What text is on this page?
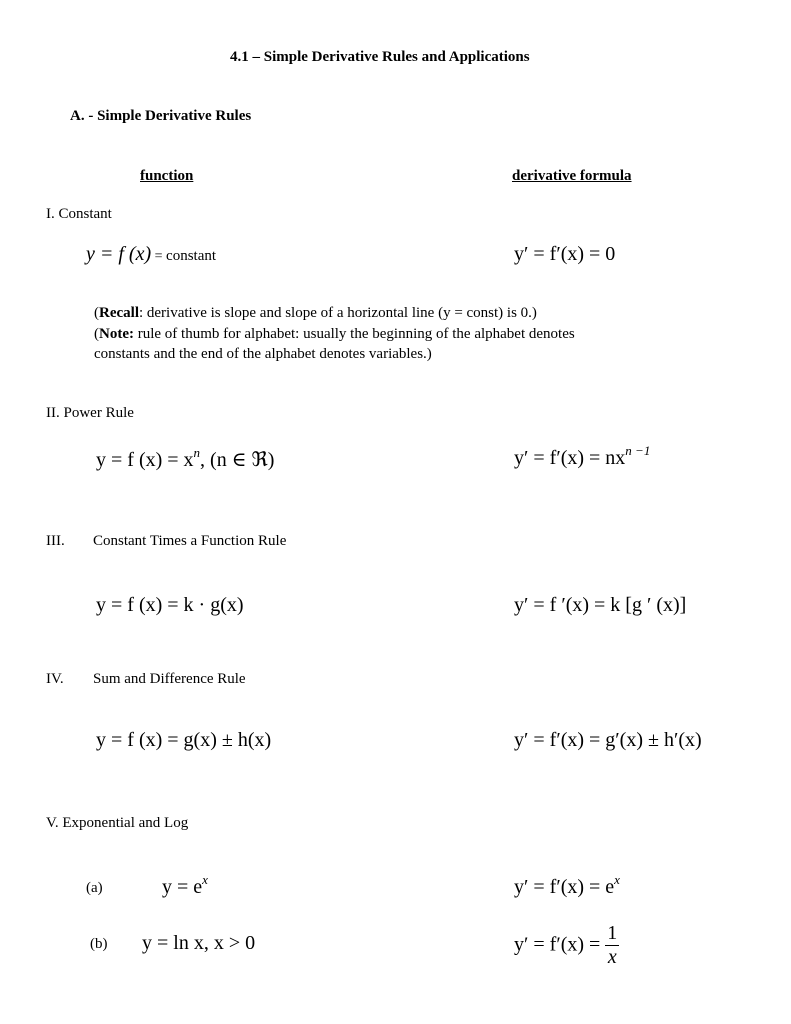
4.1 – Simple Derivative Rules and Applications
A. - Simple Derivative Rules
function	derivative formula
I. Constant
y = f (x) = constant	y′ = f′(x) = 0
(Recall: derivative is slope and slope of a horizontal line (y = const) is 0.)
(Note: rule of thumb for alphabet: usually the beginning of the alphabet denotes
constants and the end of the alphabet denotes variables.)
II. Power Rule
y = f $(x) = x^n$, (n ∈ ℜ)	$y' = f'(x) = nx^{n -1}$
III. Constant Times a Function Rule
y = f (x) = k · g(x)	y′ = f ′(x) = k [g ′ (x)]
IV. Sum and Difference Rule
y = f (x) = g(x) ± h(x)	y′ = f′(x) = g′(x) ± h′(x)
V. Exponential and Log
(a)	$y = e^x$	$y' = f'(x) = e^x$
(b) y = ln x, x > 0	$y' = f'(x) = \frac{1}{x}$
